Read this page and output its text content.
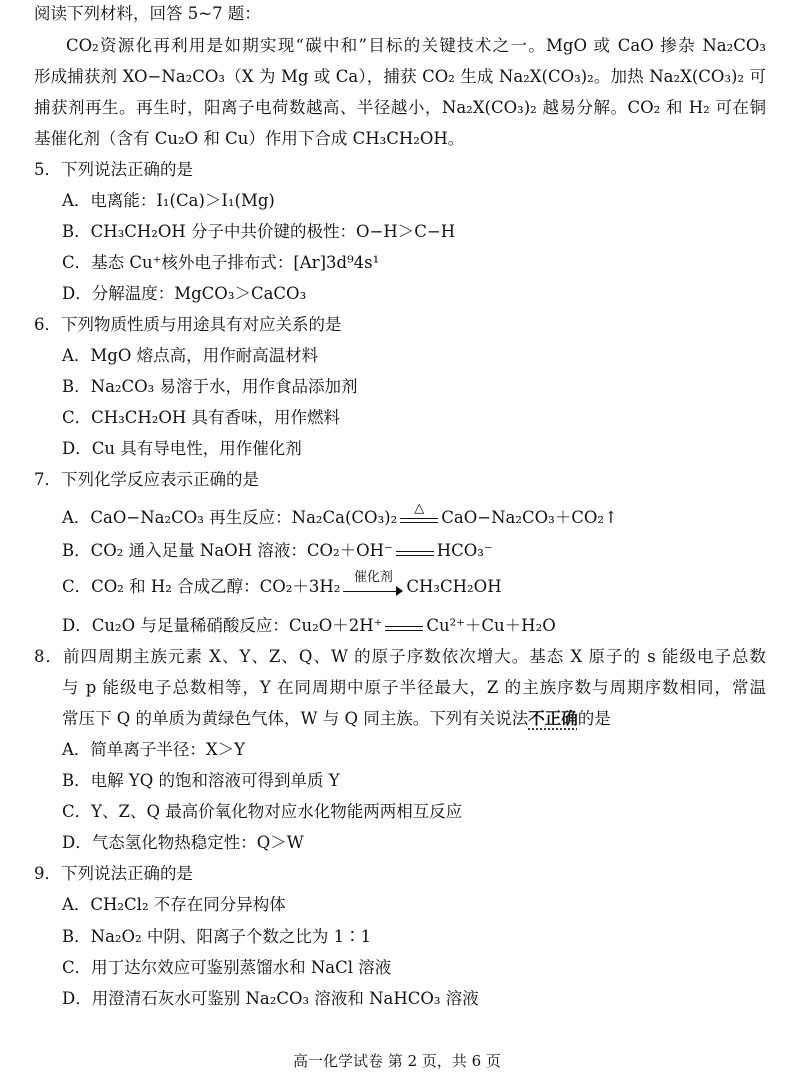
阅读下列材料，回答 5~7 题：
CO₂资源化再利用是如期实现“碳中和”目标的关键技术之一。MgO 或 CaO 掺杂 Na₂CO₃
形成捕获剂 XO−Na₂CO₃（X 为 Mg 或 Ca），捕获 CO₂ 生成 Na₂X(CO₃)₂。加热 Na₂X(CO₃)₂ 可
捕获剂再生。再生时，阳离子电荷数越高、半径越小，Na₂X(CO₃)₂ 越易分解。CO₂ 和 H₂ 可在铜
基催化剂（含有 Cu₂O 和 Cu）作用下合成 CH₃CH₂OH。
5．下列说法正确的是
A．电离能：I₁(Ca)＞I₁(Mg)
B．CH₃CH₂OH 分子中共价键的极性：O−H＞C−H
C．基态 Cu⁺核外电子排布式：[Ar]3d⁹4s¹
D．分解温度：MgCO₃＞CaCO₃
6．下列物质性质与用途具有对应关系的是
A．MgO 熔点高，用作耐高温材料
B．Na₂CO₃ 易溶于水，用作食品添加剂
C．CH₃CH₂OH 具有香味，用作燃料
D．Cu 具有导电性，用作催化剂
7．下列化学反应表示正确的是
A．CaO−Na₂CO₃ 再生反应：Na₂Ca(CO₃)₂	△	CaO−Na₂CO₃＋CO₂↑
B．CO₂ 通入足量 NaOH 溶液：CO₂＋OH⁻	HCO₃⁻
C．CO₂ 和 H₂ 合成乙醇：CO₂＋3H₂	催化剂 CH₃CH₂OH
D．Cu₂O 与足量稀硝酸反应：Cu₂O＋2H⁺	Cu²⁺＋Cu＋H₂O
8．前四周期主族元素 X、Y、Z、Q、W 的原子序数依次增大。基态 X 原子的 s 能级电子总数
与 p 能级电子总数相等，Y 在同周期中原子半径最大，Z 的主族序数与周期序数相同，常温
常压下 Q 的单质为黄绿色气体，W 与 Q 同主族。下列有关说法不正确的是
A．简单离子半径：X＞Y
B．电解 YQ 的饱和溶液可得到单质 Y
C．Y、Z、Q 最高价氧化物对应水化物能两两相互反应
D．气态氢化物热稳定性：Q＞W
9．下列说法正确的是
A．CH₂Cl₂ 不存在同分异构体
B．Na₂O₂ 中阴、阳离子个数之比为 1∶1
C．用丁达尔效应可鉴别蒸馏水和 NaCl 溶液
D．用澄清石灰水可鉴别 Na₂CO₃ 溶液和 NaHCO₃ 溶液
高一化学试卷 第 2 页，共 6 页
